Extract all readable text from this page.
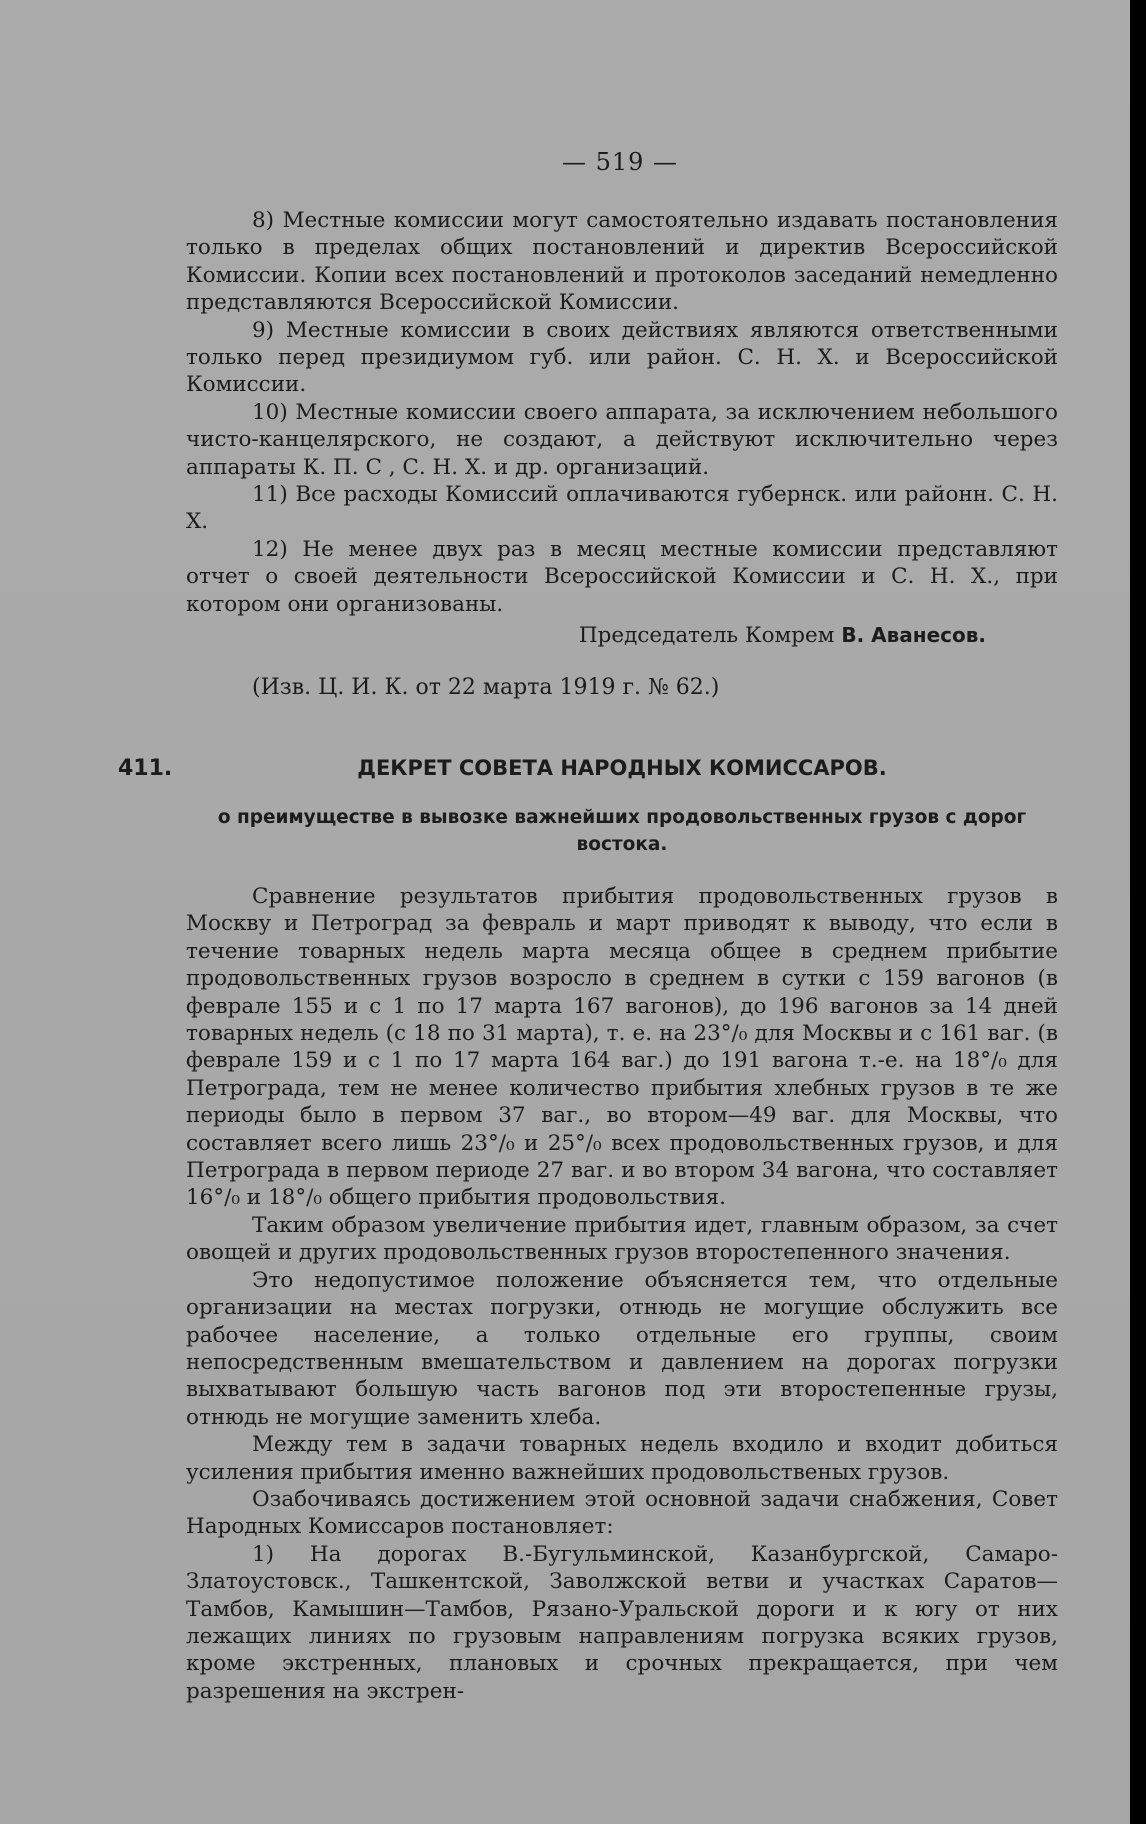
— 519 —

8) Местные комиссии могут самостоятельно издавать постановления только в пределах общих постановлений и директив Всероссийской Комиссии. Копии всех постановлений и протоколов заседаний немедленно представляются Всероссийской Комиссии.

9) Местные комиссии в своих действиях являются ответственными только перед президиумом губ. или район. С. Н. Х. и Всероссийской Комиссии.

10) Местные комиссии своего аппарата, за исключением небольшого чисто-канцелярского, не создают, а действуют исключительно через аппараты К. П. С , С. Н. Х. и др. организаций.

11) Все расходы Комиссий оплачиваются губернск. или районн. С. Н. Х.

12) Не менее двух раз в месяц местные комиссии представляют отчет о своей деятельности Всероссийской Комиссии и С. Н. Х., при котором они организованы.

Председатель Комрем В. Аванесов.

(Изв. Ц. И. К. от 22 марта 1919 г. № 62.)
411.	ДЕКРЕТ СОВЕТА НАРОДНЫХ КОМИССАРОВ.
о преимуществе в вывозке важнейших продовольственных грузов с дорог востока.

Сравнение результатов прибытия продовольственных грузов в Москву и Петроград за февраль и март приводят к выводу, что если в течение товарных недель марта месяца общее в среднем прибытие продовольственных грузов возросло в среднем в сутки с 159 вагонов (в феврале 155 и с 1 по 17 марта 167 вагонов), до 196 вагонов за 14 дней товарных недель (с 18 по 31 марта), т. е. на 23°/₀ для Москвы и с 161 ваг. (в феврале 159 и с 1 по 17 марта 164 ваг.) до 191 вагона т.-е. на 18°/₀ для Петрограда, тем не менее количество прибытия хлебных грузов в те же периоды было в первом 37 ваг., во втором—49 ваг. для Москвы, что составляет всего лишь 23°/₀ и 25°/₀ всех продовольственных грузов, и для Петрограда в первом периоде 27 ваг. и во втором 34 вагона, что составляет 16°/₀ и 18°/₀ общего прибытия продовольствия.

Таким образом увеличение прибытия идет, главным образом, за счет овощей и других продовольственных грузов второстепенного значения.

Это недопустимое положение объясняется тем, что отдельные организации на местах погрузки, отнюдь не могущие обслужить все рабочее население, а только отдельные его группы, своим непосредственным вмешательством и давлением на дорогах погрузки выхватывают большую часть вагонов под эти второстепенные грузы, отнюдь не могущие заменить хлеба.

Между тем в задачи товарных недель входило и входит добиться усиления прибытия именно важнейших продовольственых грузов.

Озабочиваясь достижением этой основной задачи снабжения, Совет Народных Комиссаров постановляет:

1) На дорогах В.-Бугульминской, Казанбургской, Самаро-Златоустовск., Ташкентской, Заволжской ветви и участках Саратов—Тамбов, Камышин—Тамбов, Рязано-Уральской дороги и к югу от них лежащих линиях по грузовым направлениям погрузка всяких грузов, кроме экстренных, плановых и срочных прекращается, при чем разрешения на экстрен-
